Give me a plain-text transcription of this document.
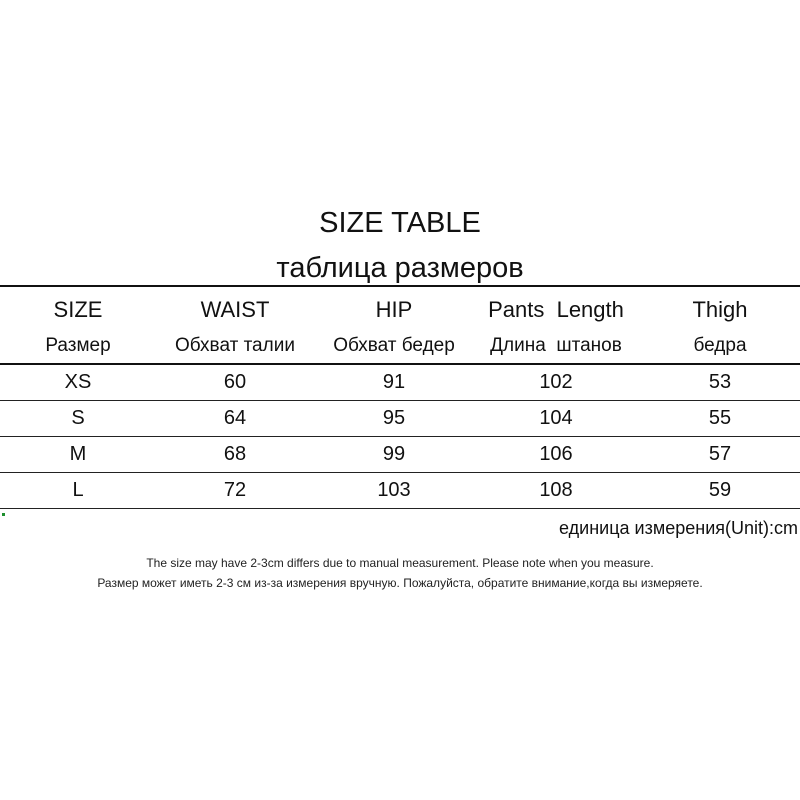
SIZE TABLE
таблица размеров
SIZE	WAIST	HIP	Pants  Length	Thigh
Размер	Обхват талии	Обхват бедер	Длина  штанов	бедра
XS	60	91	102	53
S	64	95	104	55
M	68	99	106	57
L	72	103	108	59
единица измерения(Unit):cm
The size may have 2-3cm differs due to manual measurement. Please note when you measure.
Размер может иметь 2-3 см из-за измерения вручную. Пожалуйста, обратите внимание,когда вы измеряете.
